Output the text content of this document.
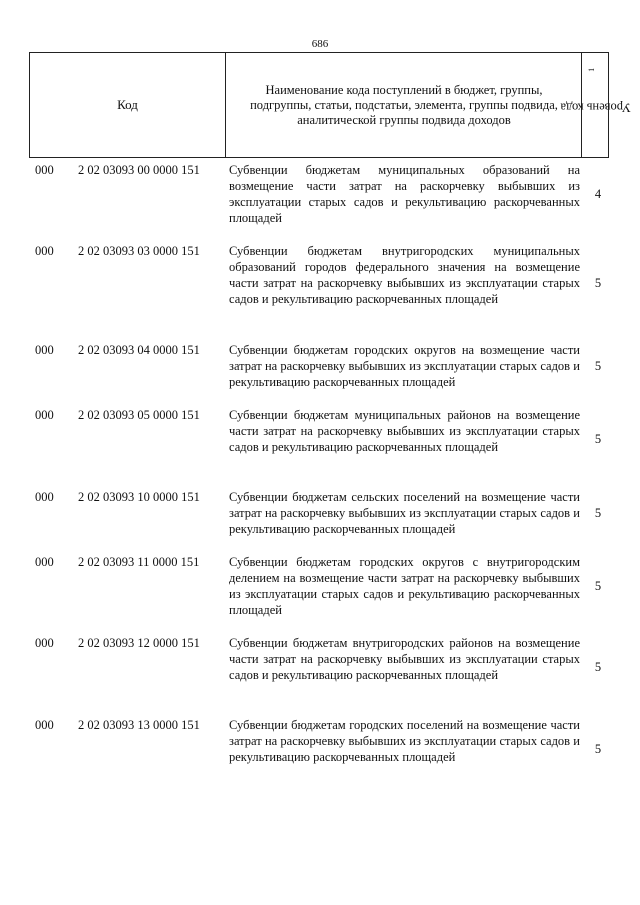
686
Код
Наименование кода поступлений в бюджет, группы, подгруппы, статьи, подстатьи, элемента, группы подвида, аналитической группы подвида доходов
Уровень кода$^1$
000 2 02 03093 00 0000 151 Субвенции бюджетам муниципальных образований на возмещение части затрат на раскорчевку выбывших из эксплуатации старых садов и рекультивацию раскорчеванных площадей
4
000 2 02 03093 03 0000 151 Субвенции бюджетам внутригородских муниципальных образований городов федерального значения на возмещение части затрат на раскорчевку выбывших из эксплуатации старых садов и рекультивацию раскорчеванных площадей
5
000 2 02 03093 04 0000 151 Субвенции бюджетам городских округов на возмещение части затрат на раскорчевку выбывших из эксплуатации старых садов и рекультивацию раскорчеванных площадей
5
000 2 02 03093 05 0000 151 Субвенции бюджетам муниципальных районов на возмещение части затрат на раскорчевку выбывших из эксплуатации старых садов и рекультивацию раскорчеванных площадей
5
000 2 02 03093 10 0000 151 Субвенции бюджетам сельских поселений на возмещение части затрат на раскорчевку выбывших из эксплуатации старых садов и рекультивацию раскорчеванных площадей
5
000 2 02 03093 11 0000 151 Субвенции бюджетам городских округов с внутригородским делением на возмещение части затрат на раскорчевку выбывших из эксплуатации старых садов и рекультивацию раскорчеванных площадей
5
000 2 02 03093 12 0000 151 Субвенции бюджетам внутригородских районов на возмещение части затрат на раскорчевку выбывших из эксплуатации старых садов и рекультивацию раскорчеванных площадей
5
000 2 02 03093 13 0000 151 Субвенции бюджетам городских поселений на возмещение части затрат на раскорчевку выбывших из эксплуатации старых садов и рекультивацию раскорчеванных площадей
5
